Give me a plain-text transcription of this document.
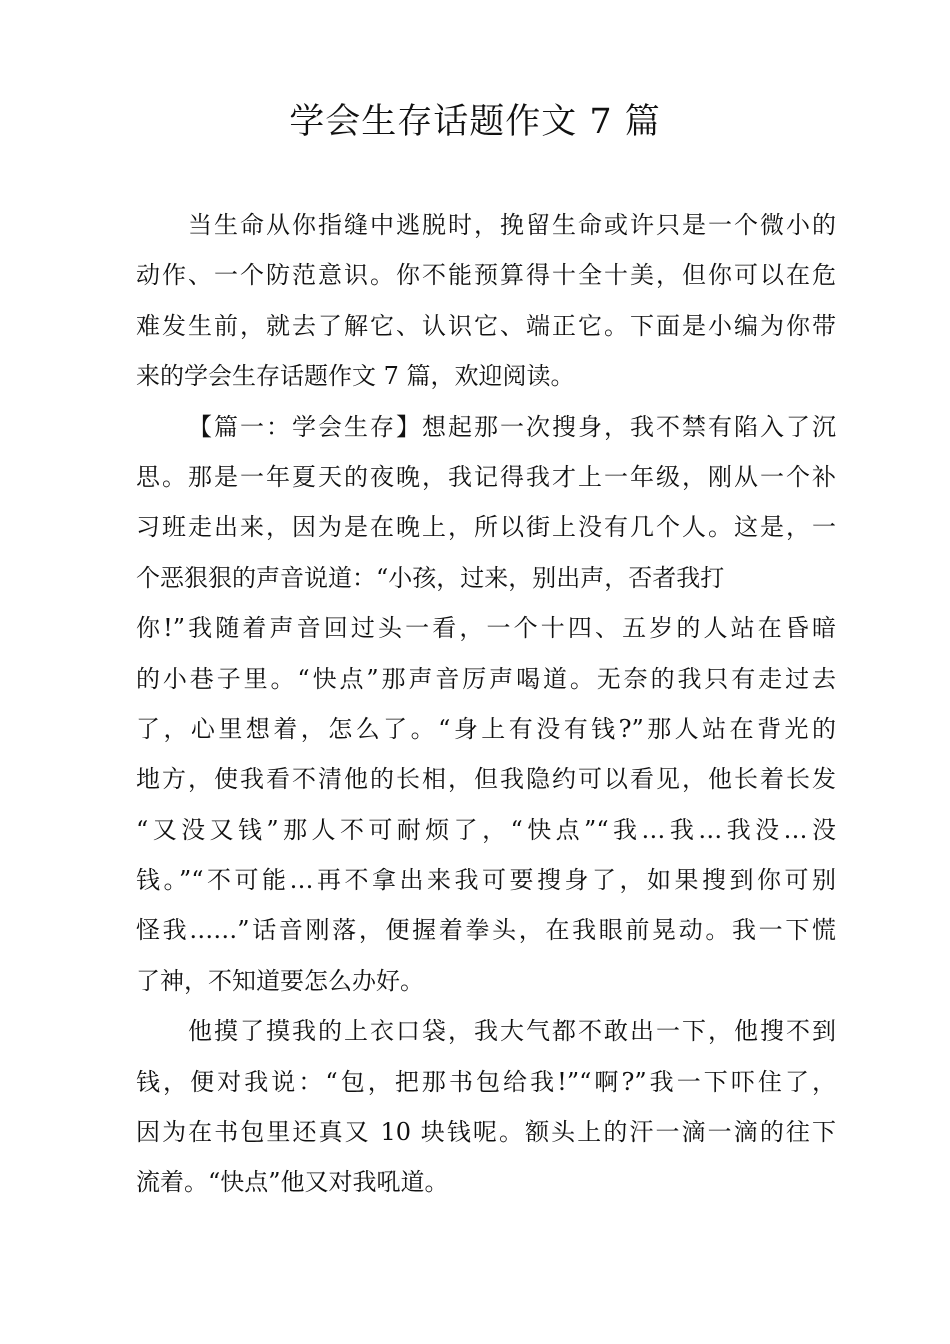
学会生存话题作文 7 篇
当生命从你指缝中逃脱时，挽留生命或许只是一个微小的
动作、一个防范意识。你不能预算得十全十美，但你可以在危
难发生前，就去了解它、认识它、端正它。下面是小编为你带
来的学会生存话题作文 7 篇，欢迎阅读。
【篇一：学会生存】想起那一次搜身，我不禁有陷入了沉
思。那是一年夏天的夜晚，我记得我才上一年级，刚从一个补
习班走出来，因为是在晚上，所以街上没有几个人。这是，一
个恶狠狠的声音说道：“小孩，过来，别出声，否者我打
你!”我随着声音回过头一看，一个十四、五岁的人站在昏暗
的小巷子里。“快点”那声音厉声喝道。无奈的我只有走过去
了，心里想着，怎么了。“身上有没有钱?”那人站在背光的
地方，使我看不清他的长相，但我隐约可以看见，他长着长发
“又没又钱”那人不可耐烦了，“快点”“我…我…我没…没
钱。”“不可能…再不拿出来我可要搜身了，如果搜到你可别
怪我……”话音刚落，便握着拳头，在我眼前晃动。我一下慌
了神，不知道要怎么办好。
他摸了摸我的上衣口袋，我大气都不敢出一下，他搜不到
钱，便对我说：“包，把那书包给我!”“啊?”我一下吓住了，
因为在书包里还真又 10 块钱呢。额头上的汗一滴一滴的往下
流着。“快点”他又对我吼道。
